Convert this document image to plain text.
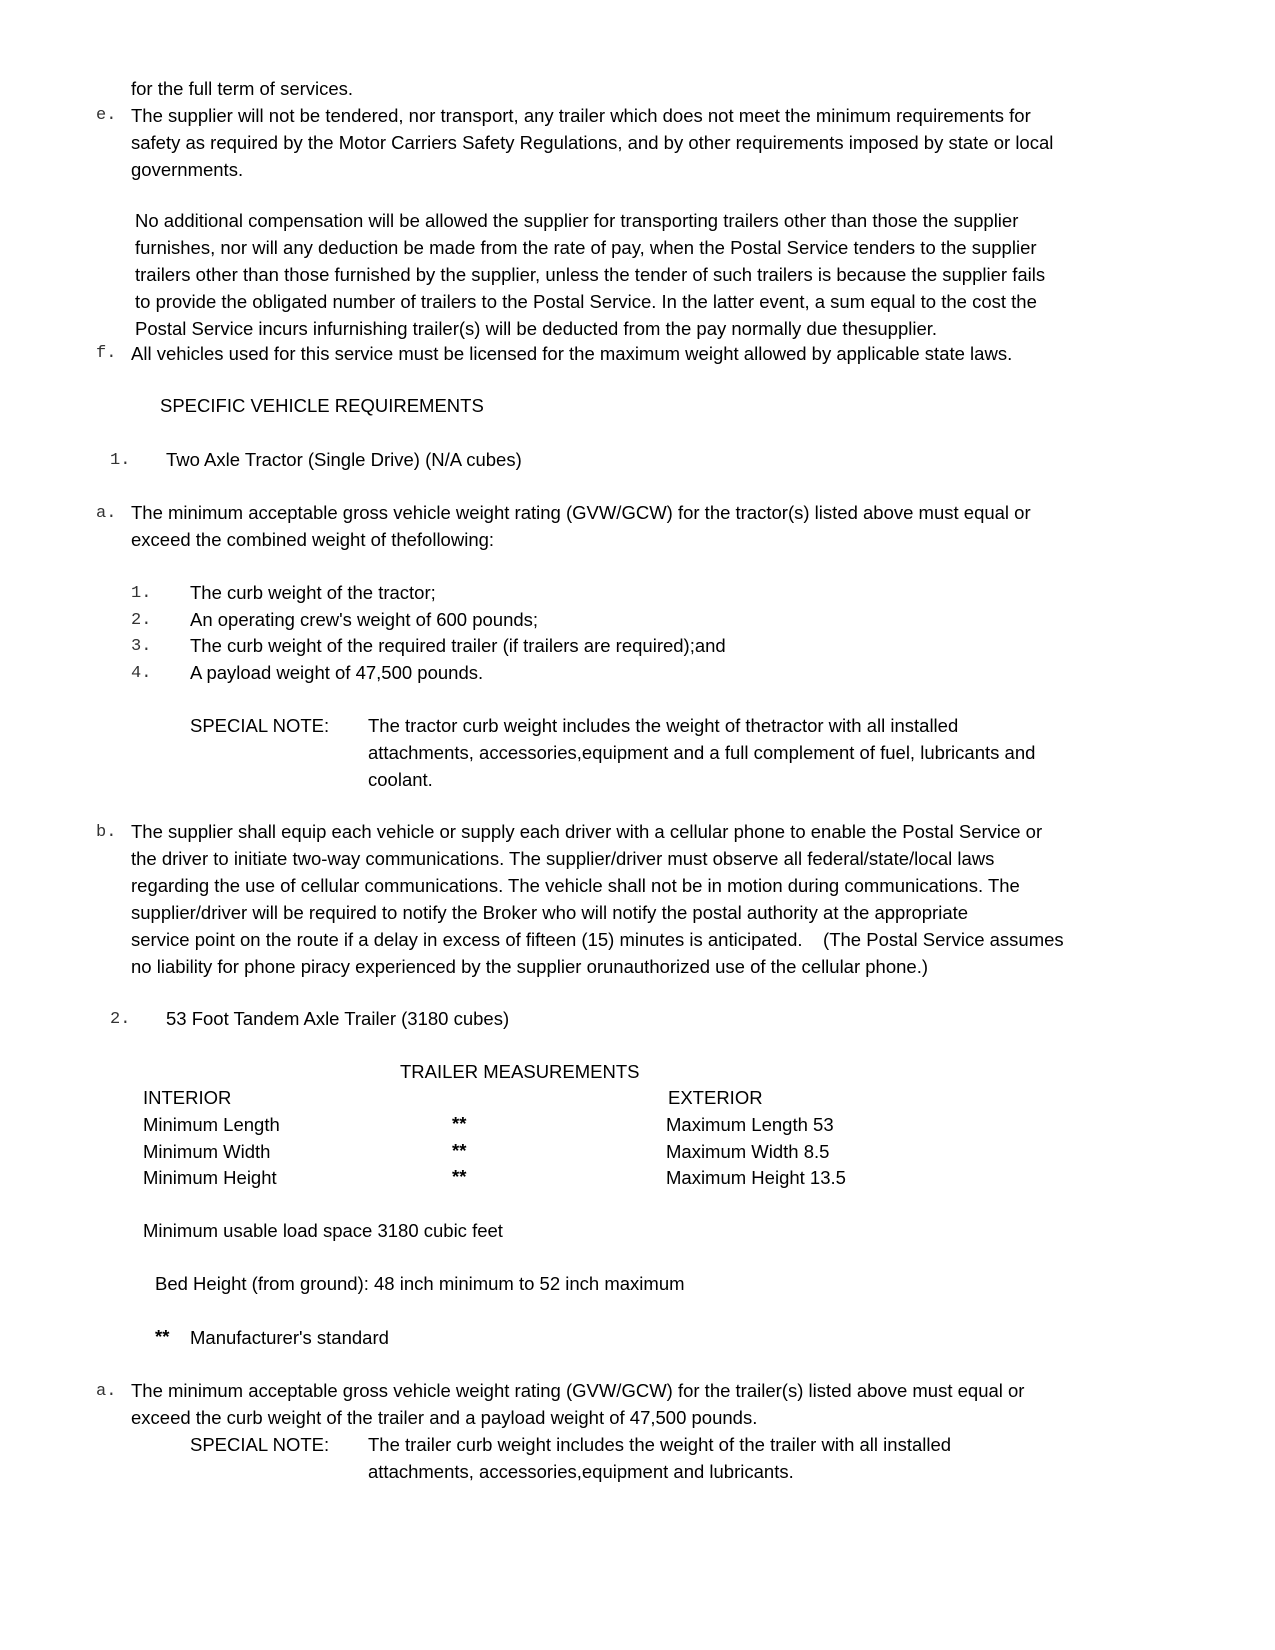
for the full term of services.
e. The supplier will not be tendered, nor transport, any trailer which does not meet the minimum requirements for
safety as required by the Motor Carriers Safety Regulations, and by other requirements imposed by state or local
governments.
No additional compensation will be allowed the supplier for transporting trailers other than those the supplier
furnishes, nor will any deduction be made from the rate of pay, when the Postal Service tenders to the supplier
trailers other than those furnished by the supplier, unless the tender of such trailers is because the supplier fails
to provide the obligated number of trailers to the Postal Service. In the latter event, a sum equal to the cost the
Postal Service incurs infurnishing trailer(s) will be deducted from the pay normally due thesupplier.
f. All vehicles used for this service must be licensed for the maximum weight allowed by applicable state laws.
SPECIFIC VEHICLE REQUIREMENTS
1. Two Axle Tractor (Single Drive) (N/A cubes)
a. The minimum acceptable gross vehicle weight rating (GVW/GCW) for the tractor(s) listed above must equal or
exceed the combined weight of thefollowing:
1. The curb weight of the tractor;
2. An operating crew's weight of 600 pounds;
3. The curb weight of the required trailer (if trailers are required);and
4. A payload weight of 47,500 pounds.
SPECIAL NOTE: The tractor curb weight includes the weight of thetractor with all installed
attachments, accessories,equipment and a full complement of fuel, lubricants and
coolant.
b. The supplier shall equip each vehicle or supply each driver with a cellular phone to enable the Postal Service or
the driver to initiate two-way communications. The supplier/driver must observe all federal/state/local laws
regarding the use of cellular communications. The vehicle shall not be in motion during communications. The
supplier/driver will be required to notify the Broker who will notify the postal authority at the appropriate
service point on the route if a delay in excess of fifteen (15) minutes is anticipated.    (The Postal Service assumes
no liability for phone piracy experienced by the supplier orunauthorized use of the cellular phone.)
2. 53 Foot Tandem Axle Trailer (3180 cubes)
TRAILER MEASUREMENTS
INTERIOR	EXTERIOR
Minimum Length	**	Maximum Length 53
Minimum Width	**	Maximum Width 8.5
Minimum Height	**	Maximum Height 13.5
Minimum usable load space 3180 cubic feet
Bed Height (from ground): 48 inch minimum to 52 inch maximum
** Manufacturer's standard
a. The minimum acceptable gross vehicle weight rating (GVW/GCW) for the trailer(s) listed above must equal or
exceed the curb weight of the trailer and a payload weight of 47,500 pounds.
SPECIAL NOTE: The trailer curb weight includes the weight of the trailer with all installed
attachments, accessories,equipment and lubricants.
